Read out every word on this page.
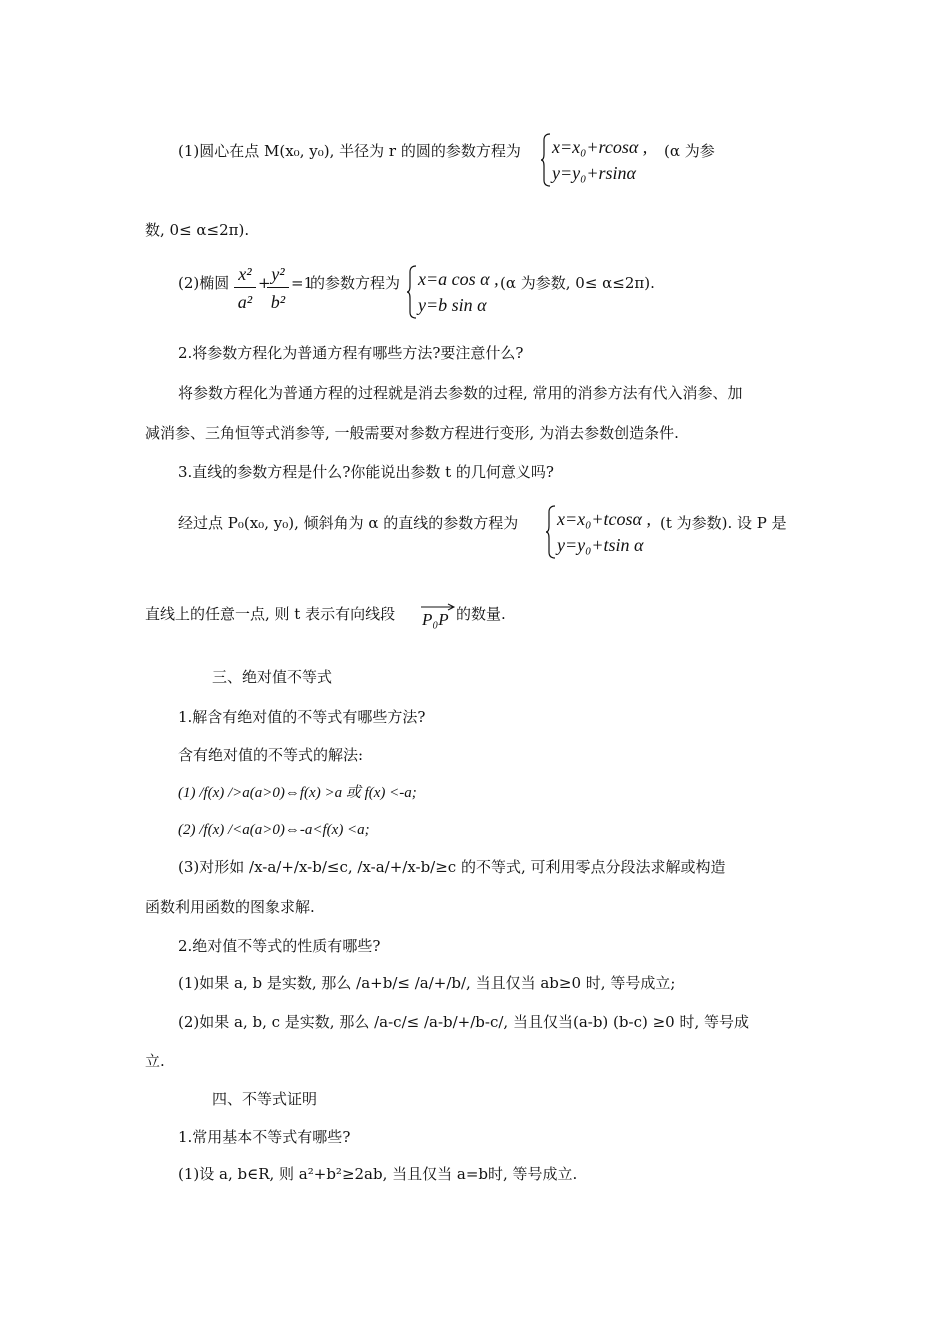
(1)圆心在点 M(x₀, y₀), 半径为 r 的圆的参数方程为 x=x₀+rcosα ,
y=y₀+rsinα
(α 为参
数, 0≤ α≤2π).
(2)椭圆 x²
a²
+ y²
b²
=1
的参数方程为 x=a cos α ,
y=b sin α
(α 为参数, 0≤ α≤2π).
2.将参数方程化为普通方程有哪些方法?要注意什么?
将参数方程化为普通方程的过程就是消去参数的过程, 常用的消参方法有代入消参、加
减消参、三角恒等式消参等, 一般需要对参数方程进行变形, 为消去参数创造条件.
3.直线的参数方程是什么?你能说出参数 t 的几何意义吗?
经过点 P₀(x₀, y₀), 倾斜角为 α 的直线的参数方程为 x=x₀+tcosα ,
y=y₀+tsin α
(t 为参数). 设 P 是
直线上的任意一点, 则 t 表示有向线段 P₀P 的数量.
三、绝对值不等式
1.解含有绝对值的不等式有哪些方法?
含有绝对值的不等式的解法:
(1) /f(x) />a(a>0)⇔f(x) >a 或 f(x) <-a;
(2) /f(x) /<a(a>0)⇔-a<f(x) <a;
(3)对形如 /x-a/+/x-b/≤c, /x-a/+/x-b/≥c 的不等式, 可利用零点分段法求解或构造
函数利用函数的图象求解.
2.绝对值不等式的性质有哪些?
(1)如果 a, b 是实数, 那么 /a+b/≤ /a/+/b/, 当且仅当 ab≥0 时, 等号成立;
(2)如果 a, b, c 是实数, 那么 /a-c/≤ /a-b/+/b-c/, 当且仅当(a-b) (b-c) ≥0 时, 等号成
立.
四、不等式证明
1.常用基本不等式有哪些?
(1)设 a, b∈R, 则 a²+b²≥2ab, 当且仅当 a=b时, 等号成立.
